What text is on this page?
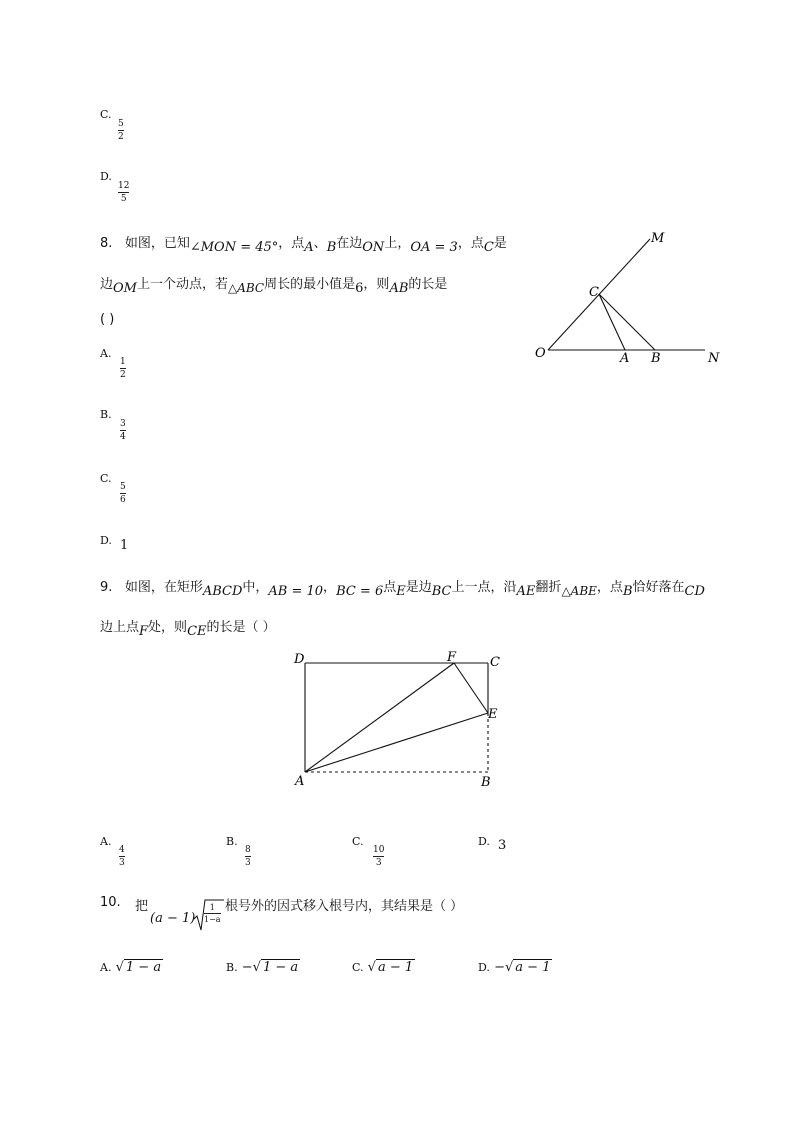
C.
5
2
D.
12
5
8. 如图，已知∠MON = 45°，点A、B在边ON上，OA = 3，点C是
边OM上一个动点，若△ABC周长的最小值是6，则AB的长是
( )
A.
1
2
B.
3
4
C.
5
6
D. 1
O	A B	N
M
C
9. 如图，在矩形ABCD中，AB = 10，BC = 6点E是边BC上一点，沿AE翻折△ABE，点B恰好落在CD
边上点F处，则CE的长是（ ）
D	F	C
E
A	B
A.
4
3
B.
8
3
C.
10
3
D. 3
10. 把
(a − 1)
1
1−a
根号外的因式移入根号内，其结果是（ ）
A. √ 1 − a	B. −√ 1 − a	C. √ a − 1	D. −√ a − 1
